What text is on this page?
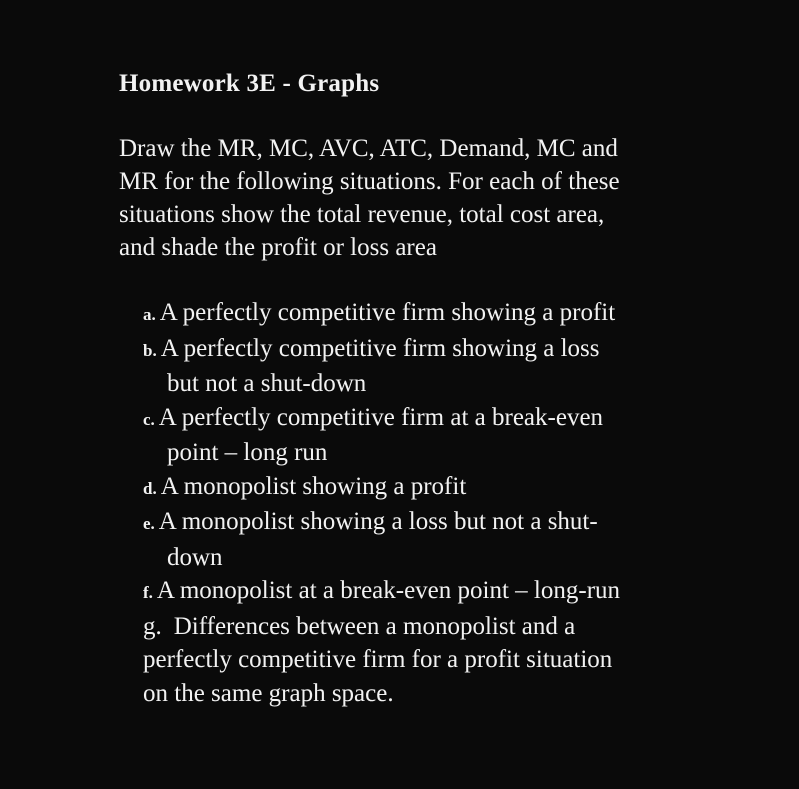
Homework 3E - Graphs
Draw the MR, MC, AVC, ATC, Demand, MC and
MR for the following situations. For each of these
situations show the total revenue, total cost area,
and shade the profit or loss area
a. A perfectly competitive firm showing a profit
b. A perfectly competitive firm showing a loss
but not a shut-down
c. A perfectly competitive firm at a break-even
point – long run
d. A monopolist showing a profit
e. A monopolist showing a loss but not a shut-
down
f. A monopolist at a break-even point – long-run
g. Differences between a monopolist and a
perfectly competitive firm for a profit situation
on the same graph space.
